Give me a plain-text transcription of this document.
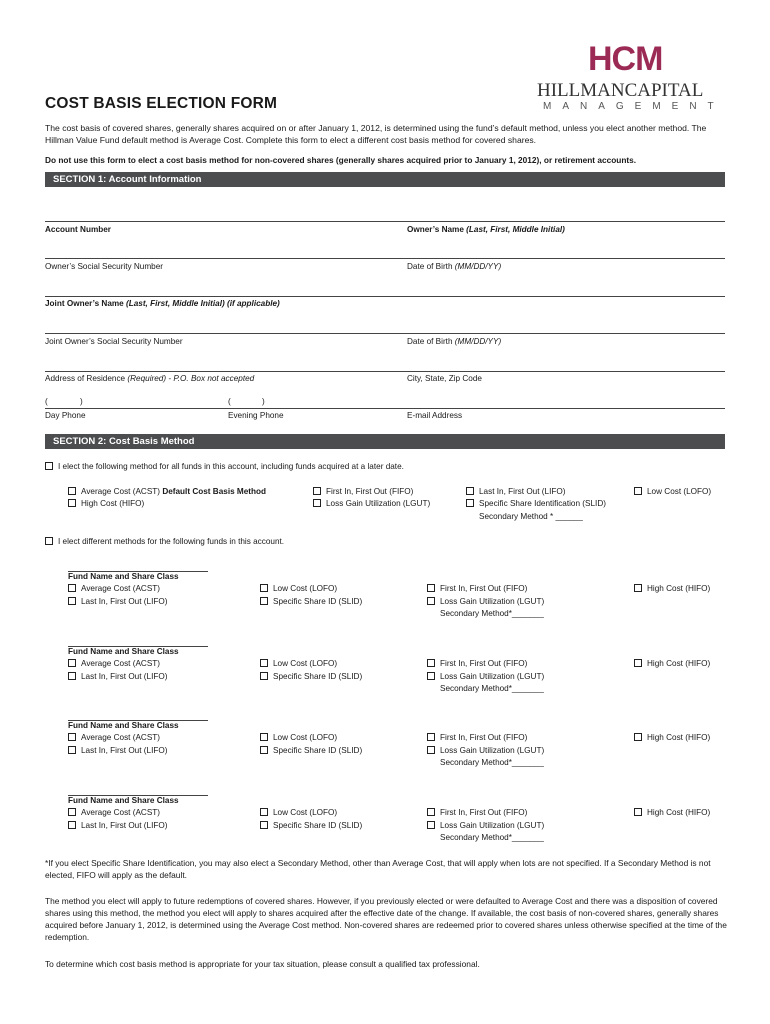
HCM
HILLMANCAPITAL
MANAGEMENT
COST BASIS ELECTION FORM
The cost basis of covered shares, generally shares acquired on or after January 1, 2012, is determined using the fund’s default method, unless you elect another method. The Hillman Value Fund default method is Average Cost. Complete this form to elect a different cost basis method for covered shares.
Do not use this form to elect a cost basis method for non-covered shares (generally shares acquired prior to January 1, 2012), or retirement accounts.
SECTION 1: Account Information
Account Number	Owner’s Name (Last, First, Middle Initial)
Owner’s Social Security Number	Date of Birth (MM/DD/YY)
Joint Owner’s Name (Last, First, Middle Initial) (if applicable)
Joint Owner’s Social Security Number	Date of Birth (MM/DD/YY)
Address of Residence (Required) - P.O. Box not accepted	City, State, Zip Code
(	)	(	)
Day Phone	Evening Phone	E-mail Address
SECTION 2: Cost Basis Method
I elect the following method for all funds in this account, including funds acquired at a later date.
Average Cost (ACST) Default Cost Basis Method
High Cost (HIFO)
First In, First Out (FIFO)
Loss Gain Utilization (LGUT)
Last In, First Out (LIFO)
Specific Share Identification (SLID)
Secondary Method * ______
Low Cost (LOFO)
I elect different methods for the following funds in this account.
Fund Name and Share Class
Average Cost (ACST)
Last In, First Out (LIFO)
Low Cost (LOFO)
Specific Share ID (SLID)
First In, First Out (FIFO)
Loss Gain Utilization (LGUT)
Secondary Method*_______
High Cost (HIFO)
Fund Name and Share Class
Average Cost (ACST)
Last In, First Out (LIFO)
Low Cost (LOFO)
Specific Share ID (SLID)
First In, First Out (FIFO)
Loss Gain Utilization (LGUT)
Secondary Method*_______
High Cost (HIFO)
Fund Name and Share Class
Average Cost (ACST)
Last In, First Out (LIFO)
Low Cost (LOFO)
Specific Share ID (SLID)
First In, First Out (FIFO)
Loss Gain Utilization (LGUT)
Secondary Method*_______
High Cost (HIFO)
Fund Name and Share Class
Average Cost (ACST)
Last In, First Out (LIFO)
Low Cost (LOFO)
Specific Share ID (SLID)
First In, First Out (FIFO)
Loss Gain Utilization (LGUT)
Secondary Method*_______
High Cost (HIFO)
*If you elect Specific Share Identification, you may also elect a Secondary Method, other than Average Cost, that will apply when lots are not specified. If a Secondary Method is not elected, FIFO will apply as the default.
The method you elect will apply to future redemptions of covered shares. However, if you previously elected or were defaulted to Average Cost and there was a disposition of covered shares using this method, the method you elect will apply to shares acquired after the effective date of the change. If available, the cost basis of non-covered shares, generally shares acquired before January 1, 2012, is determined using the Average Cost method. Non-covered shares are redeemed prior to covered shares unless otherwise specified at the time of the redemption.
To determine which cost basis method is appropriate for your tax situation, please consult a qualified tax professional.
